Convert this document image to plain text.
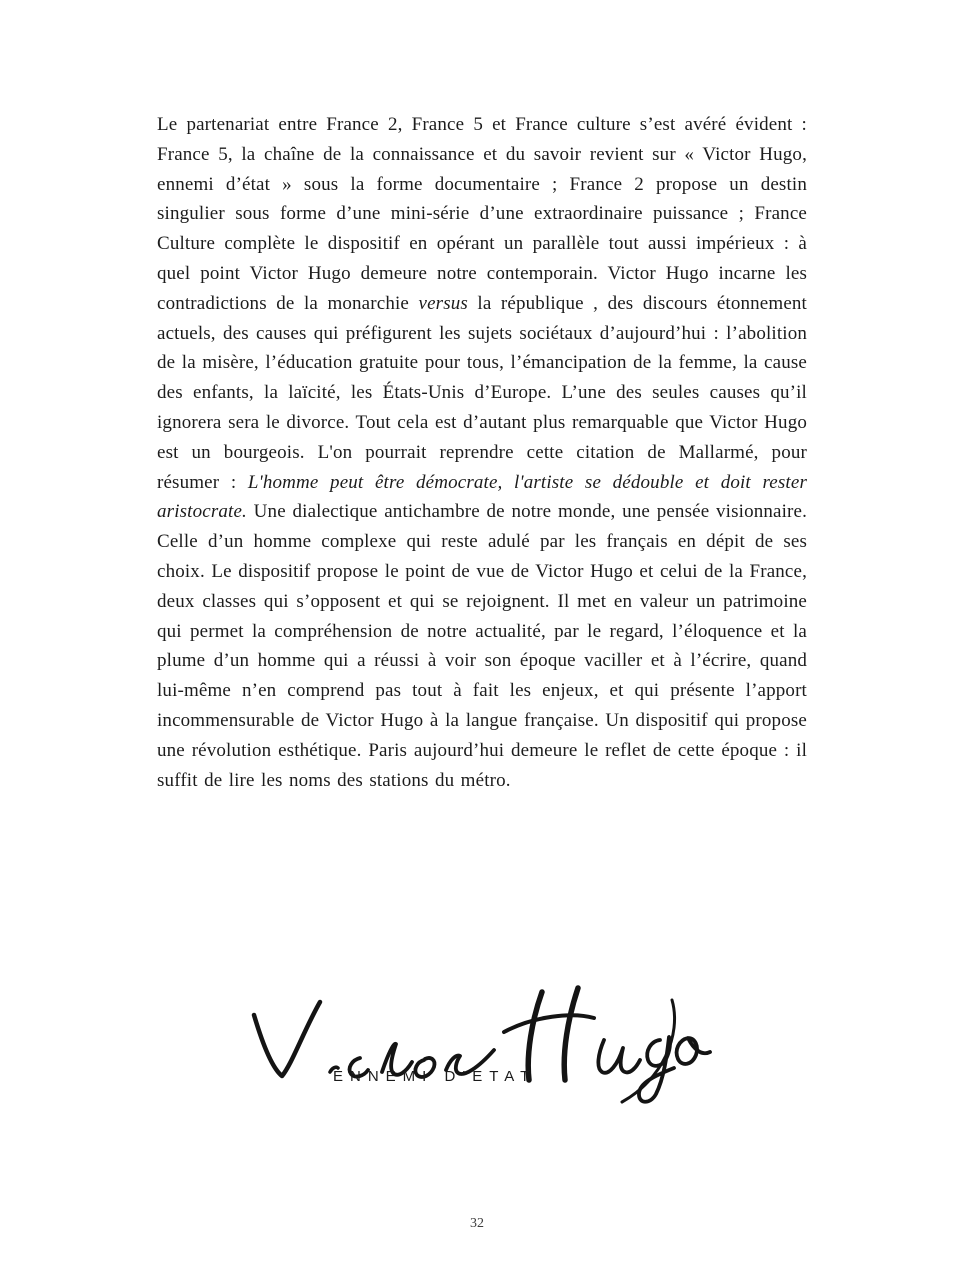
Le partenariat entre France 2, France 5 et France culture s’est avéré évident : France 5, la chaîne de la connaissance et du savoir revient sur « Victor Hugo, ennemi d’état » sous la forme documentaire ; France 2 propose un destin singulier sous forme d’une mini-série d’une extraordinaire puissance ; France Culture complète le dispositif en opérant un parallèle tout aussi impérieux : à quel point Victor Hugo demeure notre contemporain. Victor Hugo incarne les contradictions de la monarchie versus la république , des discours étonnement actuels, des causes qui préfigurent les sujets sociétaux d’aujourd’hui : l’abolition de la misère, l’éducation gratuite pour tous, l’émancipation de la femme, la cause des enfants, la laïcité, les États-Unis d’Europe. L’une des seules causes qu’il ignorera sera le divorce. Tout cela est d’autant plus remarquable que Victor Hugo est un bourgeois. L'on pourrait reprendre cette citation de Mallarmé, pour résumer : L'homme peut être démocrate, l'artiste se dédouble et doit rester aristocrate. Une dialectique antichambre de notre monde, une pensée visionnaire. Celle d’un homme complexe qui reste adulé par les français en dépit de ses choix. Le dispositif propose le point de vue de Victor Hugo et celui de la France, deux classes qui s’opposent et qui se rejoignent. Il met en valeur un patrimoine qui permet la compréhension de notre actualité, par le regard, l’éloquence et la plume d’un homme qui a réussi à voir son époque vaciller et à l’écrire, quand lui-même n’en comprend pas tout à fait les enjeux, et qui présente l’apport incommensurable de Victor Hugo à la langue française. Un dispositif qui propose une révolution esthétique. Paris aujourd’hui demeure le reflet de cette époque : il suffit de lire les noms des stations du métro.

ENNEMI D'ETAT
32
